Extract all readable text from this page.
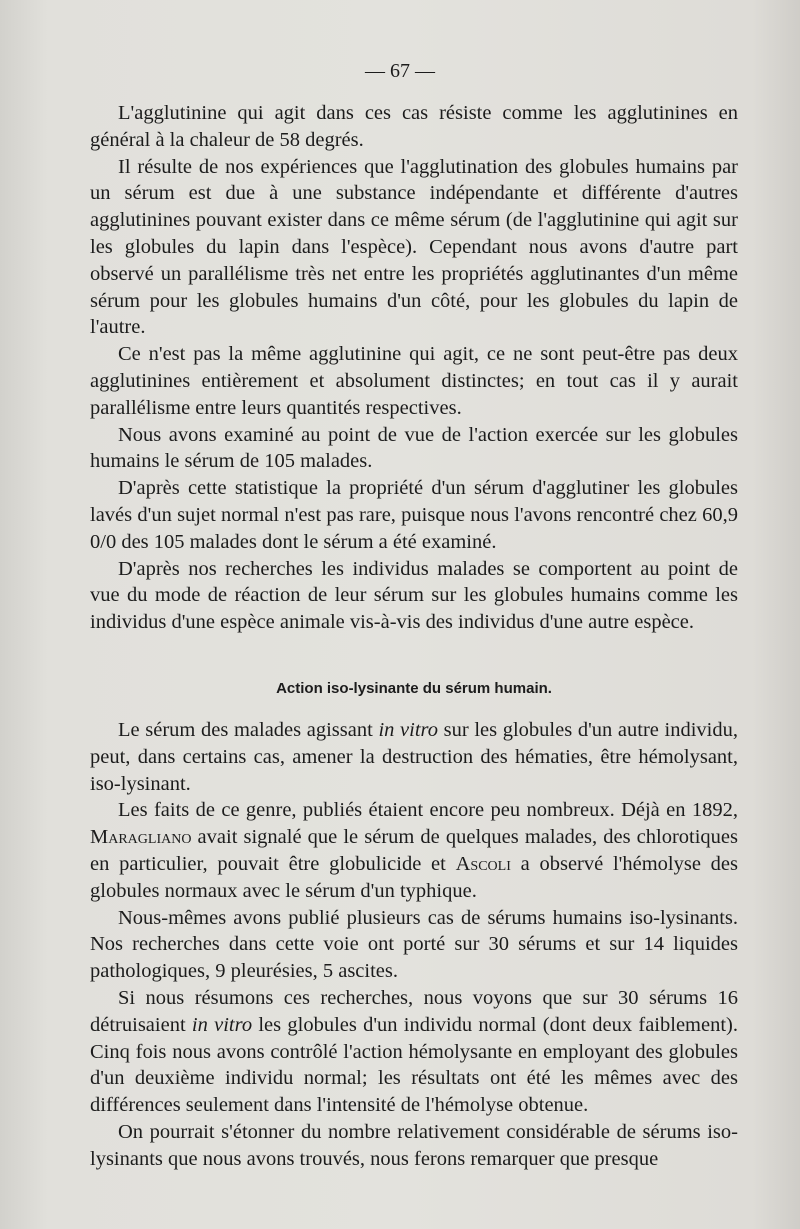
— 67 —

L'agglutinine qui agit dans ces cas résiste comme les agglutinines en général à la chaleur de 58 degrés.

Il résulte de nos expériences que l'agglutination des globules humains par un sérum est due à une substance indépendante et différente d'autres agglutinines pouvant exister dans ce même sérum (de l'agglutinine qui agit sur les globules du lapin dans l'espèce). Cependant nous avons d'autre part observé un parallélisme très net entre les propriétés agglutinantes d'un même sérum pour les globules humains d'un côté, pour les globules du lapin de l'autre.

Ce n'est pas la même agglutinine qui agit, ce ne sont peut-être pas deux agglutinines entièrement et absolument distinctes; en tout cas il y aurait parallélisme entre leurs quantités respectives.

Nous avons examiné au point de vue de l'action exercée sur les globules humains le sérum de 105 malades.

D'après cette statistique la propriété d'un sérum d'agglutiner les globules lavés d'un sujet normal n'est pas rare, puisque nous l'avons rencontré chez 60,9 0/0 des 105 malades dont le sérum a été examiné.

D'après nos recherches les individus malades se comportent au point de vue du mode de réaction de leur sérum sur les globules humains comme les individus d'une espèce animale vis-à-vis des individus d'une autre espèce.

Action iso-lysinante du sérum humain.

Le sérum des malades agissant in vitro sur les globules d'un autre individu, peut, dans certains cas, amener la destruction des hématies, être hémolysant, iso-lysinant.

Les faits de ce genre, publiés étaient encore peu nombreux. Déjà en 1892, Maragliano avait signalé que le sérum de quelques malades, des chlorotiques en particulier, pouvait être globulicide et Ascoli a observé l'hémolyse des globules normaux avec le sérum d'un typhique.

Nous-mêmes avons publié plusieurs cas de sérums humains iso-lysinants. Nos recherches dans cette voie ont porté sur 30 sérums et sur 14 liquides pathologiques, 9 pleurésies, 5 ascites.

Si nous résumons ces recherches, nous voyons que sur 30 sérums 16 détruisaient in vitro les globules d'un individu normal (dont deux faiblement). Cinq fois nous avons contrôlé l'action hémolysante en employant des globules d'un deuxième individu normal; les résultats ont été les mêmes avec des différences seulement dans l'intensité de l'hémolyse obtenue.

On pourrait s'étonner du nombre relativement considérable de sérums iso-lysinants que nous avons trouvés, nous ferons remarquer que presque
